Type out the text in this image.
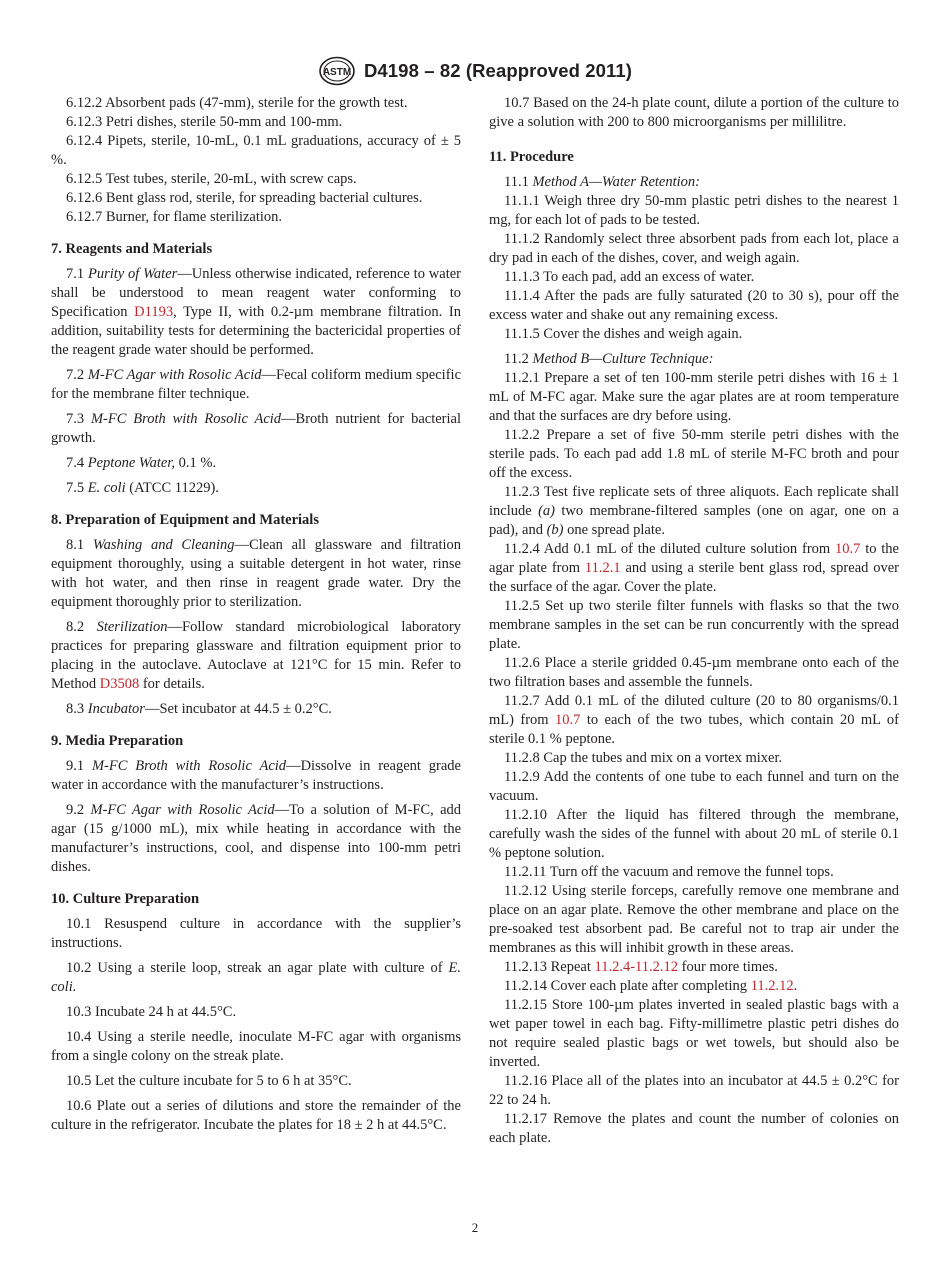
ASTM D4198 – 82 (Reapproved 2011)

6.12.2 Absorbent pads (47-mm), sterile for the growth test.

6.12.3 Petri dishes, sterile 50-mm and 100-mm.

6.12.4 Pipets, sterile, 10-mL, 0.1 mL graduations, accuracy of ± 5 %.

6.12.5 Test tubes, sterile, 20-mL, with screw caps.

6.12.6 Bent glass rod, sterile, for spreading bacterial cultures.

6.12.7 Burner, for flame sterilization.

7. Reagents and Materials

7.1 Purity of Water—Unless otherwise indicated, reference to water shall be understood to mean reagent water conforming to Specification D1193, Type II, with 0.2-µm membrane filtration. In addition, suitability tests for determining the bactericidal properties of the reagent grade water should be performed.

7.2 M-FC Agar with Rosolic Acid—Fecal coliform medium specific for the membrane filter technique.

7.3 M-FC Broth with Rosolic Acid—Broth nutrient for bacterial growth.

7.4 Peptone Water, 0.1 %.

7.5 E. coli (ATCC 11229).

8. Preparation of Equipment and Materials

8.1 Washing and Cleaning—Clean all glassware and filtration equipment thoroughly, using a suitable detergent in hot water, rinse with hot water, and then rinse in reagent grade water. Dry the equipment thoroughly prior to sterilization.

8.2 Sterilization—Follow standard microbiological laboratory practices for preparing glassware and filtration equipment prior to placing in the autoclave. Autoclave at 121°C for 15 min. Refer to Method D3508 for details.

8.3 Incubator—Set incubator at 44.5 ± 0.2°C.

9. Media Preparation

9.1 M-FC Broth with Rosolic Acid—Dissolve in reagent grade water in accordance with the manufacturer’s instructions.

9.2 M-FC Agar with Rosolic Acid—To a solution of M-FC, add agar (15 g/1000 mL), mix while heating in accordance with the manufacturer’s instructions, cool, and dispense into 100-mm petri dishes.

10. Culture Preparation

10.1 Resuspend culture in accordance with the supplier’s instructions.

10.2 Using a sterile loop, streak an agar plate with culture of E. coli.

10.3 Incubate 24 h at 44.5°C.

10.4 Using a sterile needle, inoculate M-FC agar with organisms from a single colony on the streak plate.

10.5 Let the culture incubate for 5 to 6 h at 35°C.

10.6 Plate out a series of dilutions and store the remainder of the culture in the refrigerator. Incubate the plates for 18 ± 2 h at 44.5°C.

10.7 Based on the 24-h plate count, dilute a portion of the culture to give a solution with 200 to 800 microorganisms per millilitre.

11. Procedure

11.1 Method A—Water Retention:

11.1.1 Weigh three dry 50-mm plastic petri dishes to the nearest 1 mg, for each lot of pads to be tested.

11.1.2 Randomly select three absorbent pads from each lot, place a dry pad in each of the dishes, cover, and weigh again.

11.1.3 To each pad, add an excess of water.

11.1.4 After the pads are fully saturated (20 to 30 s), pour off the excess water and shake out any remaining excess.

11.1.5 Cover the dishes and weigh again.

11.2 Method B—Culture Technique:

11.2.1 Prepare a set of ten 100-mm sterile petri dishes with 16 ± 1 mL of M-FC agar. Make sure the agar plates are at room temperature and that the surfaces are dry before using.

11.2.2 Prepare a set of five 50-mm sterile petri dishes with the sterile pads. To each pad add 1.8 mL of sterile M-FC broth and pour off the excess.

11.2.3 Test five replicate sets of three aliquots. Each replicate shall include (a) two membrane-filtered samples (one on agar, one on a pad), and (b) one spread plate.

11.2.4 Add 0.1 mL of the diluted culture solution from 10.7 to the agar plate from 11.2.1 and using a sterile bent glass rod, spread over the surface of the agar. Cover the plate.

11.2.5 Set up two sterile filter funnels with flasks so that the two membrane samples in the set can be run concurrently with the spread plate.

11.2.6 Place a sterile gridded 0.45-µm membrane onto each of the two filtration bases and assemble the funnels.

11.2.7 Add 0.1 mL of the diluted culture (20 to 80 organisms/0.1 mL) from 10.7 to each of the two tubes, which contain 20 mL of sterile 0.1 % peptone.

11.2.8 Cap the tubes and mix on a vortex mixer.

11.2.9 Add the contents of one tube to each funnel and turn on the vacuum.

11.2.10 After the liquid has filtered through the membrane, carefully wash the sides of the funnel with about 20 mL of sterile 0.1 % peptone solution.

11.2.11 Turn off the vacuum and remove the funnel tops.

11.2.12 Using sterile forceps, carefully remove one membrane and place on an agar plate. Remove the other membrane and place on the pre-soaked test absorbent pad. Be careful not to trap air under the membranes as this will inhibit growth in these areas.

11.2.13 Repeat 11.2.4-11.2.12 four more times.

11.2.14 Cover each plate after completing 11.2.12.

11.2.15 Store 100-µm plates inverted in sealed plastic bags with a wet paper towel in each bag. Fifty-millimetre plastic petri dishes do not require sealed plastic bags or wet towels, but should also be inverted.

11.2.16 Place all of the plates into an incubator at 44.5 ± 0.2°C for 22 to 24 h.

11.2.17 Remove the plates and count the number of colonies on each plate.

2
